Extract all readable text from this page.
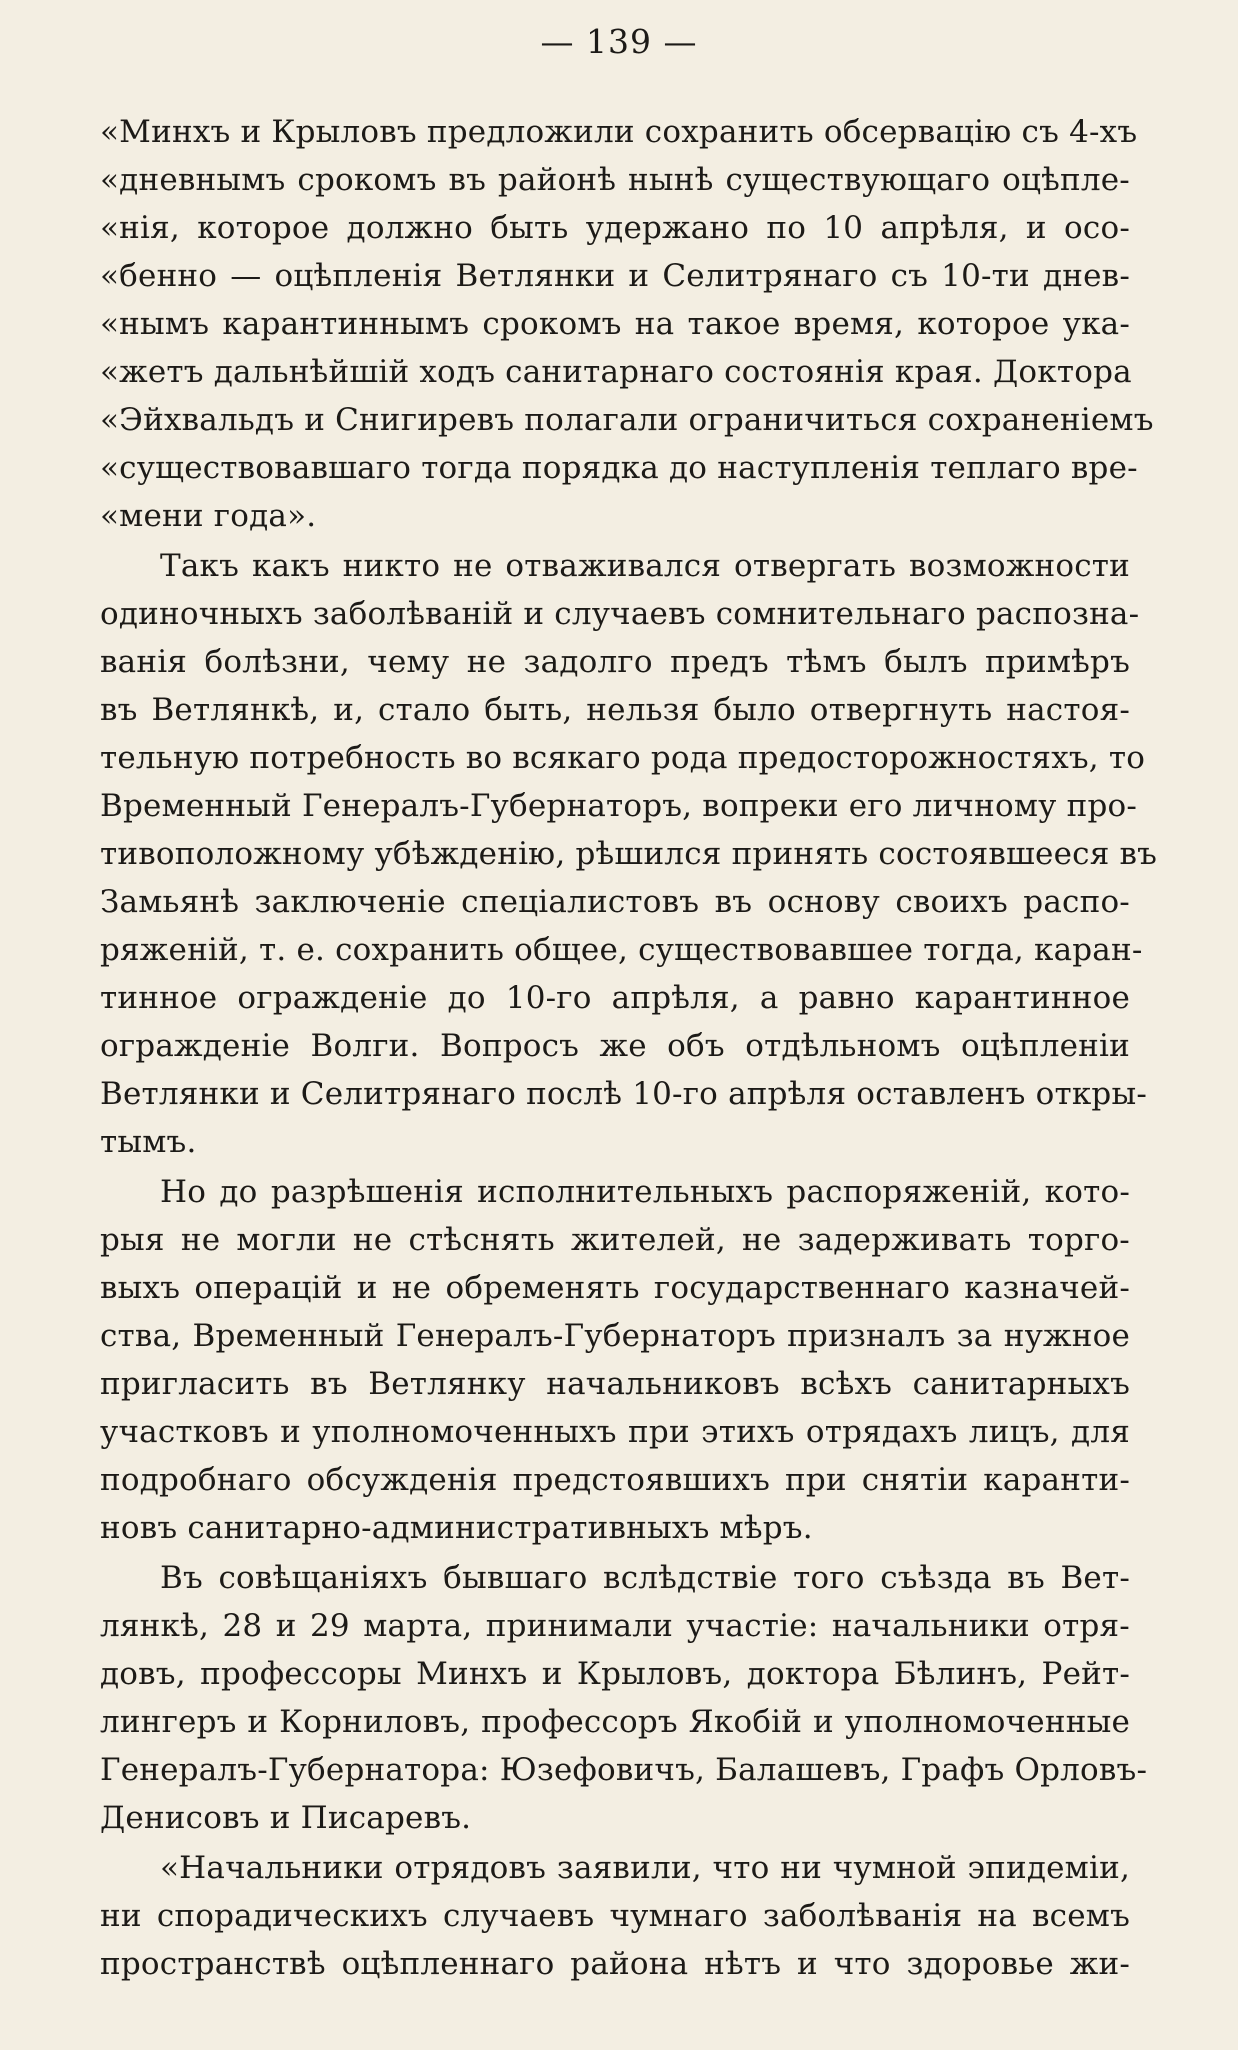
— 139 —
«Минхъ и Крыловъ предложили сохранить обсервацію съ 4-хъ
«дневнымъ срокомъ въ районѣ нынѣ существующаго оцѣпле-
«нія, которое должно быть удержано по 10 апрѣля, и осо-
«бенно — оцѣпленія Ветлянки и Селитрянаго съ 10-ти днев-
«нымъ карантиннымъ срокомъ на такое время, которое ука-
«жетъ дальнѣйшій ходъ санитарнаго состоянія края. Доктора
«Эйхвальдъ и Снигиревъ полагали ограничиться сохраненіемъ
«существовавшаго тогда порядка до наступленія теплаго вре-
«мени года».
Такъ какъ никто не отваживался отвергать возможности
одиночныхъ заболѣваній и случаевъ сомнительнаго распозна-
ванія болѣзни, чему не задолго предъ тѣмъ былъ примѣръ
въ Ветлянкѣ, и, стало быть, нельзя было отвергнуть настоя-
тельную потребность во всякаго рода предосторожностяхъ, то
Временный Генералъ-Губернаторъ, вопреки его личному про-
тивоположному убѣжденію, рѣшился принять состоявшееся въ
Замьянѣ заключеніе спеціалистовъ въ основу своихъ распо-
ряженій, т. е. сохранить общее, существовавшее тогда, каран-
тинное огражденіе до 10-го апрѣля, а равно карантинное
огражденіе Волги. Вопросъ же объ отдѣльномъ оцѣпленіи
Ветлянки и Селитрянаго послѣ 10-го апрѣля оставленъ откры-
тымъ.
Но до разрѣшенія исполнительныхъ распоряженій, кото-
рыя не могли не стѣснять жителей, не задерживать торго-
выхъ операцій и не обременять государственнаго казначей-
ства, Временный Генералъ-Губернаторъ призналъ за нужное
пригласить въ Ветлянку начальниковъ всѣхъ санитарныхъ
участковъ и уполномоченныхъ при этихъ отрядахъ лицъ, для
подробнаго обсужденія предстоявшихъ при снятіи каранти-
новъ санитарно-административныхъ мѣръ.
Въ совѣщаніяхъ бывшаго вслѣдствіе того съѣзда въ Вет-
лянкѣ, 28 и 29 марта, принимали участіе: начальники отря-
довъ, профессоры Минхъ и Крыловъ, доктора Бѣлинъ, Рейт-
лингеръ и Корниловъ, профессоръ Якобій и уполномоченные
Генералъ-Губернатора: Юзефовичъ, Балашевъ, Графъ Орловъ-
Денисовъ и Писаревъ.
«Начальники отрядовъ заявили, что ни чумной эпидеміи,
ни спорадическихъ случаевъ чумнаго заболѣванія на всемъ
пространствѣ оцѣпленнаго района нѣтъ и что здоровье жи-
